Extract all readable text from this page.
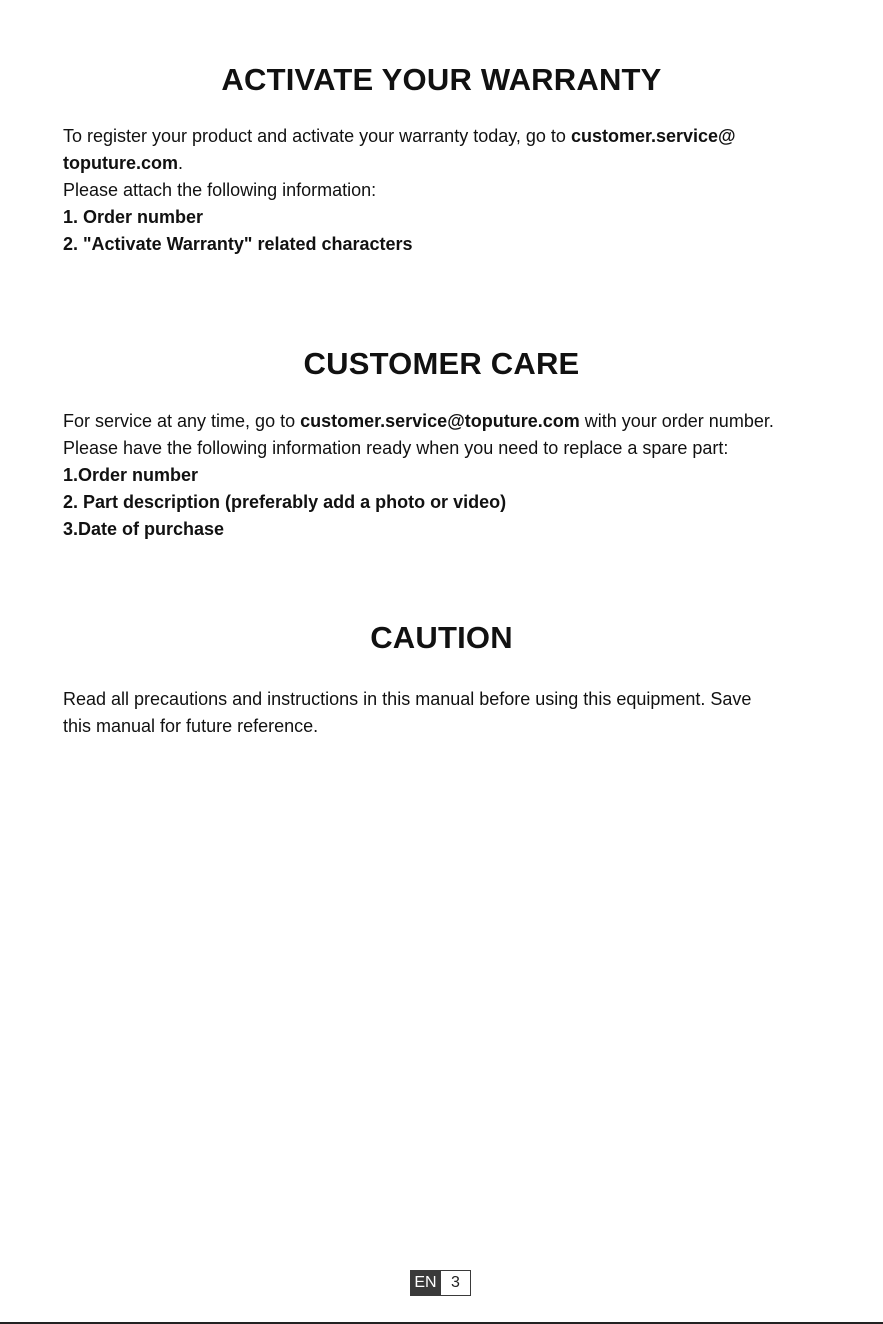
ACTIVATE YOUR WARRANTY
To register your product and activate your warranty today, go to customer.service@
toputure.com.
Please attach the following information:
1. Order number
2. "Activate Warranty" related characters
CUSTOMER CARE
For service at any time, go to customer.service@toputure.com with your order number.
Please have the following information ready when you need to replace a spare part:
1.Order number
2. Part description (preferably add a photo or video)
3.Date of purchase
CAUTION
Read all precautions and instructions in this manual before using this equipment. Save
this manual for future reference.
EN 3
